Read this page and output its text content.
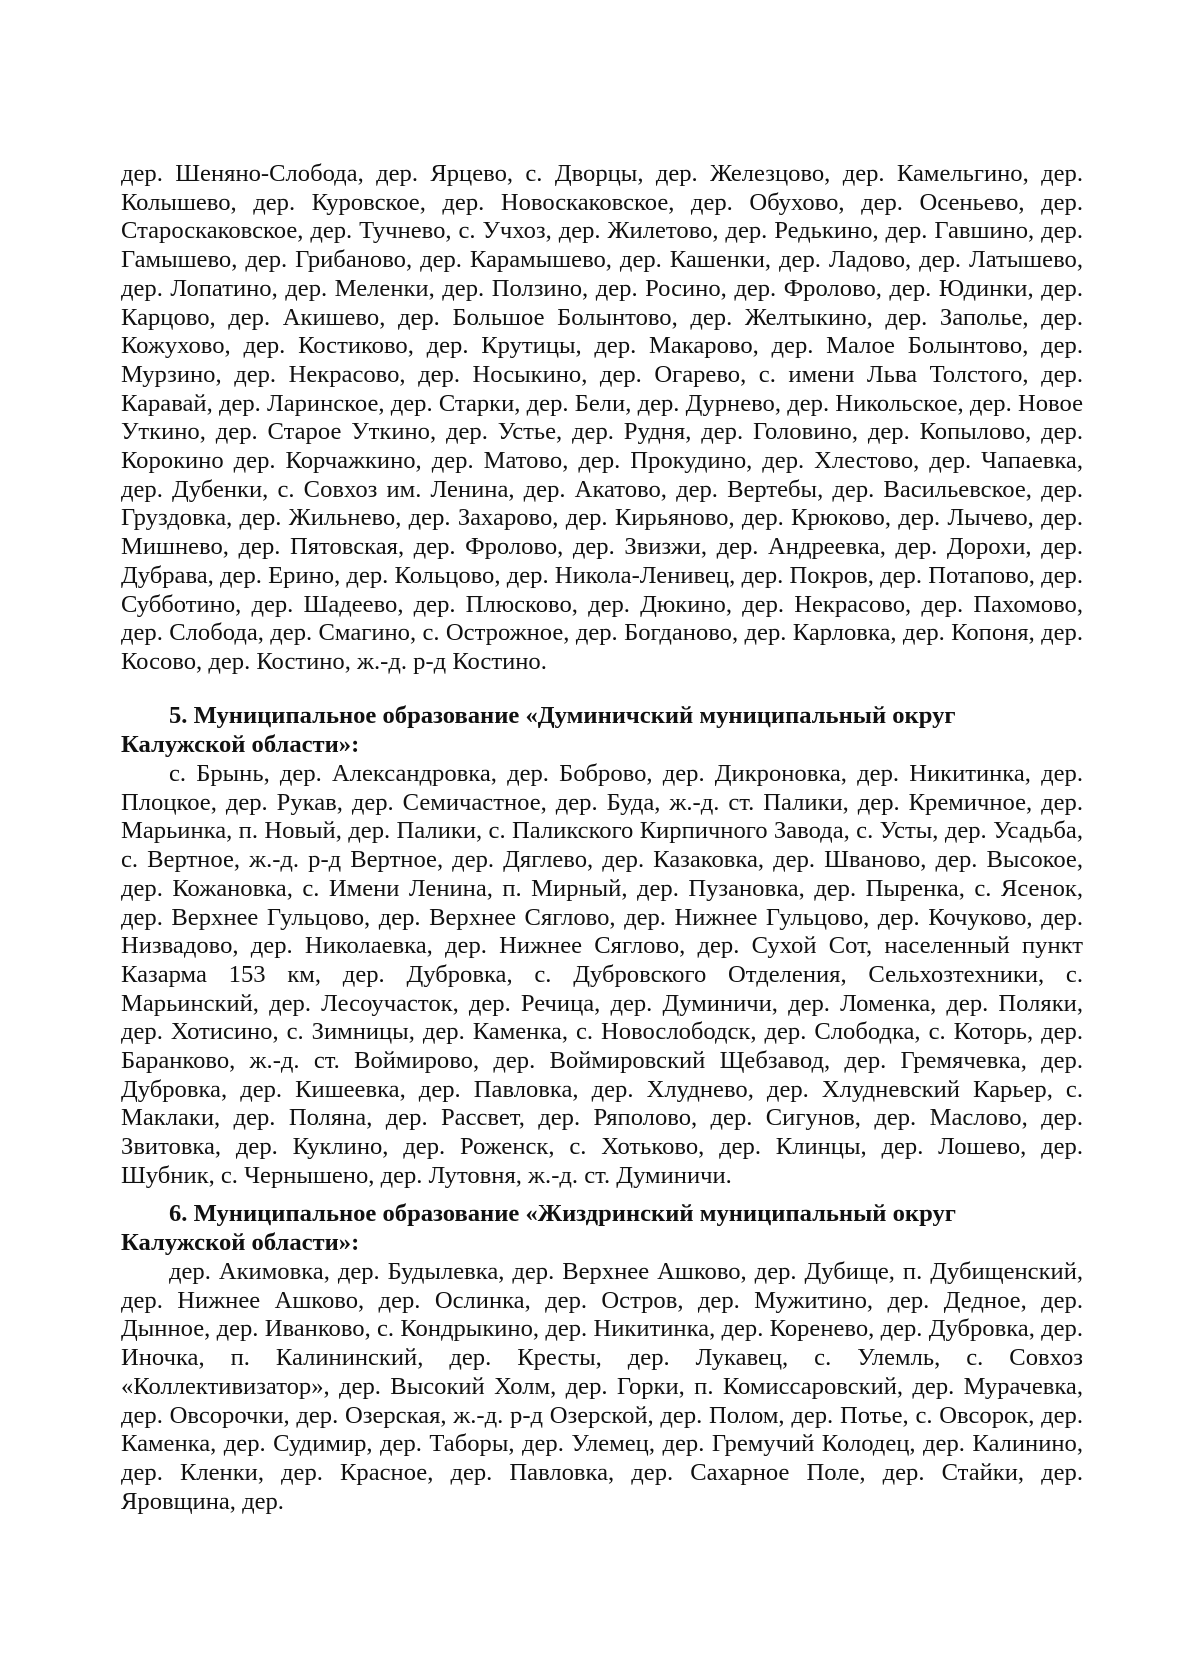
дер. Шеняно-Слобода, дер. Ярцево, с. Дворцы, дер. Железцово, дер. Камельгино, дер. Колышево, дер. Куровское, дер. Новоскаковское, дер. Обухово, дер. Осеньево, дер. Староскаковское, дер. Тучнево, с. Учхоз, дер. Жилетово, дер. Редькино, дер. Гавшино, дер. Гамышево, дер. Грибаново, дер. Карамышево, дер. Кашенки, дер. Ладово, дер. Латышево, дер. Лопатино, дер. Меленки, дер. Ползино, дер. Росино, дер. Фролово, дер. Юдинки, дер. Карцово, дер. Акишево, дер. Большое Болынтово, дер. Желтыкино, дер. Заполье, дер. Кожухово, дер. Костиково, дер. Крутицы, дер. Макарово, дер. Малое Болынтово, дер. Мурзино, дер. Некрасово, дер. Носыкино, дер. Огарево, с. имени Льва Толстого, дер. Каравай, дер. Ларинское, дер. Старки, дер. Бели, дер. Дурнево, дер. Никольское, дер. Новое Уткино, дер. Старое Уткино, дер. Устье, дер. Рудня, дер. Головино, дер. Копылово, дер. Корокино дер. Корчажкино, дер. Матово, дер. Прокудино, дер. Хлестово, дер. Чапаевка, дер. Дубенки, с. Совхоз им. Ленина, дер. Акатово, дер. Вертебы, дер. Васильевское, дер. Груздовка, дер. Жильнево, дер. Захарово, дер. Кирьяново, дер. Крюково, дер. Лычево, дер. Мишнево, дер. Пятовская, дер. Фролово, дер. Звизжи, дер. Андреевка, дер. Дорохи, дер. Дубрава, дер. Ерино, дер. Кольцово, дер. Никола-Ленивец, дер. Покров, дер. Потапово, дер. Субботино, дер. Шадеево, дер. Плюсково, дер. Дюкино, дер. Некрасово, дер. Пахомово, дер. Слобода, дер. Смагино, с. Острожное, дер. Богданово, дер. Карловка, дер. Копоня, дер. Косово, дер. Костино, ж.-д. р-д Костино.

5. Муниципальное образование «Думиничский муниципальный округ Калужской области»:

с. Брынь, дер. Александровка, дер. Боброво, дер. Дикроновка, дер. Никитинка, дер. Плоцкое, дер. Рукав, дер. Семичастное, дер. Буда, ж.-д. ст. Палики, дер. Кремичное, дер. Марьинка, п. Новый, дер. Палики, с. Паликского Кирпичного Завода, с. Усты, дер. Усадьба, с. Вертное, ж.-д. р-д Вертное, дер. Дяглево, дер. Казаковка, дер. Шваново, дер. Высокое, дер. Кожановка, с. Имени Ленина, п. Мирный, дер. Пузановка, дер. Пыренка, с. Ясенок, дер. Верхнее Гульцово, дер. Верхнее Сяглово, дер. Нижнее Гульцово, дер. Кочуково, дер. Низвадово, дер. Николаевка, дер. Нижнее Сяглово, дер. Сухой Сот, населенный пункт Казарма 153 км, дер. Дубровка, с. Дубровского Отделения, Сельхозтехники, с. Марьинский, дер. Лесоучасток, дер. Речица, дер. Думиничи, дер. Ломенка, дер. Поляки, дер. Хотисино, с. Зимницы, дер. Каменка, с. Новослободск, дер. Слободка, с. Которь, дер. Баранково, ж.-д. ст. Воймирово, дер. Воймировский Щебзавод, дер. Гремячевка, дер. Дубровка, дер. Кишеевка, дер. Павловка, дер. Хлуднево, дер. Хлудневский Карьер, с. Маклаки, дер. Поляна, дер. Рассвет, дер. Ряполово, дер. Сигунов, дер. Маслово, дер. Звитовка, дер. Куклино, дер. Роженск, с. Хотьково, дер. Клинцы, дер. Лошево, дер. Шубник, с. Чернышено, дер. Лутовня, ж.-д. ст. Думиничи.

6. Муниципальное образование «Жиздринский муниципальный округ Калужской области»:

дер. Акимовка, дер. Будылевка, дер. Верхнее Ашково, дер. Дубище, п. Дубищенский, дер. Нижнее Ашково, дер. Ослинка, дер. Остров, дер. Мужитино, дер. Дедное, дер. Дынное, дер. Иванково, с. Кондрыкино, дер. Никитинка, дер. Коренево, дер. Дубровка, дер. Иночка, п. Калининский, дер. Кресты, дер. Лукавец, с. Улемль, с. Совхоз «Коллективизатор», дер. Высокий Холм, дер. Горки, п. Комиссаровский, дер. Мурачевка, дер. Овсорочки, дер. Озерская, ж.-д. р-д Озерской, дер. Полом, дер. Потье, с. Овсорок, дер. Каменка, дер. Судимир, дер. Таборы, дер. Улемец, дер. Гремучий Колодец, дер. Калинино, дер. Кленки, дер. Красное, дер. Павловка, дер. Сахарное Поле, дер. Стайки, дер. Яровщина, дер.
